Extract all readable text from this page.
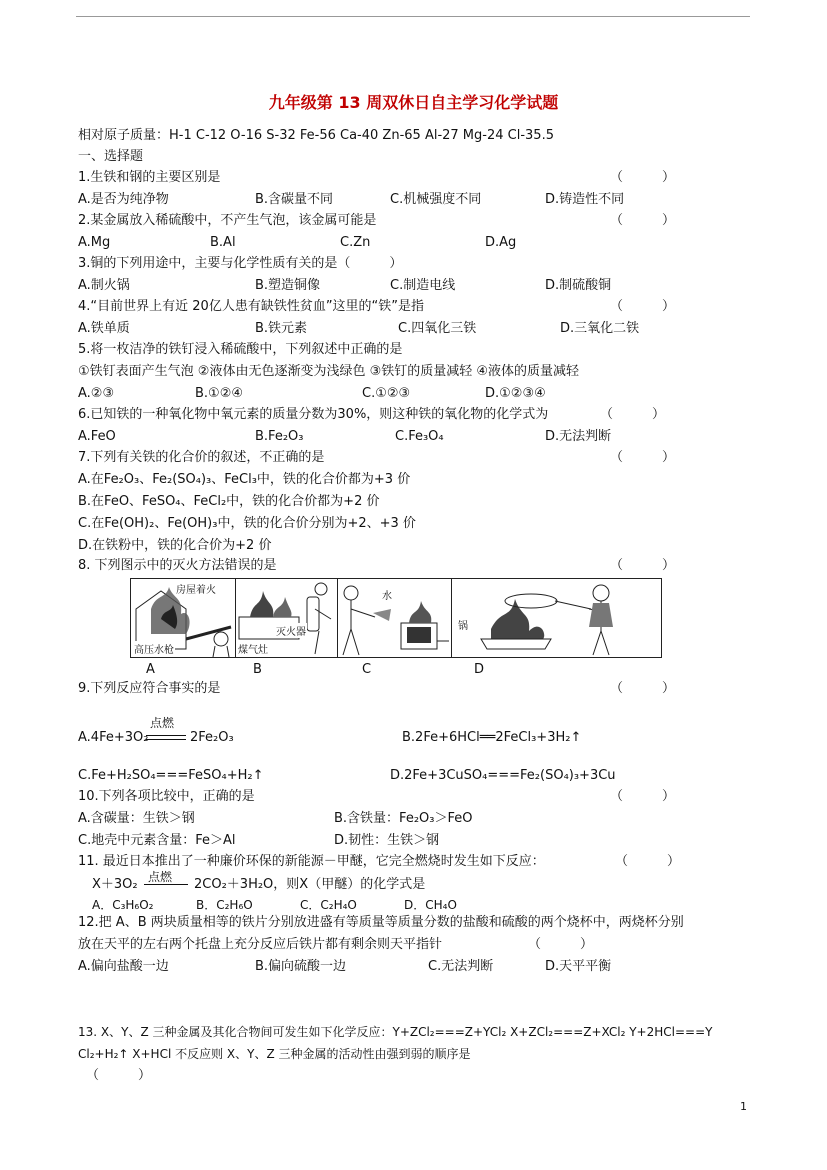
九年级第 13 周双休日自主学习化学试题
相对原子质量：H-1 C-12 O-16 S-32 Fe-56 Ca-40 Zn-65 Al-27 Mg-24 Cl-35.5
一、选择题
1.生铁和钢的主要区别是	（　　　）
A.是否为纯净物	B.含碳量不同	C.机械强度不同	D.铸造性不同
2.某金属放入稀硫酸中，不产生气泡，该金属可能是	（　　　）
A.Mg	B.Al	C.Zn	D.Ag
3.铜的下列用途中，主要与化学性质有关的是（　　　）
A.制火锅	B.塑造铜像	C.制造电线	D.制硫酸铜
4.“目前世界上有近 20亿人患有缺铁性贫血”这里的“铁”是指	（　　　）
A.铁单质	B.铁元素	C.四氧化三铁	D.三氧化二铁
5.将一枚洁净的铁钉浸入稀硫酸中，下列叙述中正确的是
①铁钉表面产生气泡 ②液体由无色逐渐变为浅绿色 ③铁钉的质量减轻 ④液体的质量减轻
A.②③	B.①②④	C.①②③	D.①②③④
6.已知铁的一种氧化物中氧元素的质量分数为30%，则这种铁的氧化物的化学式为	（　　　）
A.FeO	B.Fe₂O₃	C.Fe₃O₄	D.无法判断
7.下列有关铁的化合价的叙述，不正确的是	（　　　）
A.在Fe₂O₃、Fe₂(SO₄)₃、FeCl₃中，铁的化合价都为+3 价
B.在FeO、FeSO₄、FeCl₂中，铁的化合价都为+2 价
C.在Fe(OH)₂、Fe(OH)₃中，铁的化合价分别为+2、+3 价
D.在铁粉中，铁的化合价为+2 价
8. 下列图示中的灭火方法错误的是	（　　　）
房屋着火
高压水枪
灭火器
煤气灶
水
锅
A	B	C	D
9.下列反应符合事实的是	（　　　）
A.4Fe+3O₂
点燃
2Fe₂O₃	B.2Fe+6HCl══2FeCl₃+3H₂↑
C.Fe+H₂SO₄===FeSO₄+H₂↑	D.2Fe+3CuSO₄===Fe₂(SO₄)₃+3Cu
10.下列各项比较中，正确的是	（　　　）
A.含碳量：生铁＞钢	B.含铁量：Fe₂O₃＞FeO
C.地壳中元素含量：Fe＞Al	D.韧性：生铁＞钢
11. 最近日本推出了一种廉价环保的新能源－甲醚，它完全燃烧时发生如下反应：	（　　　）
X＋3O₂ 点燃 2CO₂＋3H₂O，则X（甲醚）的化学式是
A．C₃H₆O₂	B．C₂H₆O	C．C₂H₄O	D．CH₄O
12.把 A、B 两块质量相等的铁片分别放进盛有等质量等质量分数的盐酸和硫酸的两个烧杯中，两烧杯分别
放在天平的左右两个托盘上充分反应后铁片都有剩余则天平指针	（　　　）
A.偏向盐酸一边	B.偏向硫酸一边	C.无法判断	D.天平平衡
13. X、Y、Z 三种金属及其化合物间可发生如下化学反应：Y+ZCl₂===Z+YCl₂ X+ZCl₂===Z+XCl₂ Y+2HCl===Y
Cl₂+H₂↑ X+HCl 不反应则 X、Y、Z 三种金属的活动性由强到弱的顺序是
（　　　）
1
